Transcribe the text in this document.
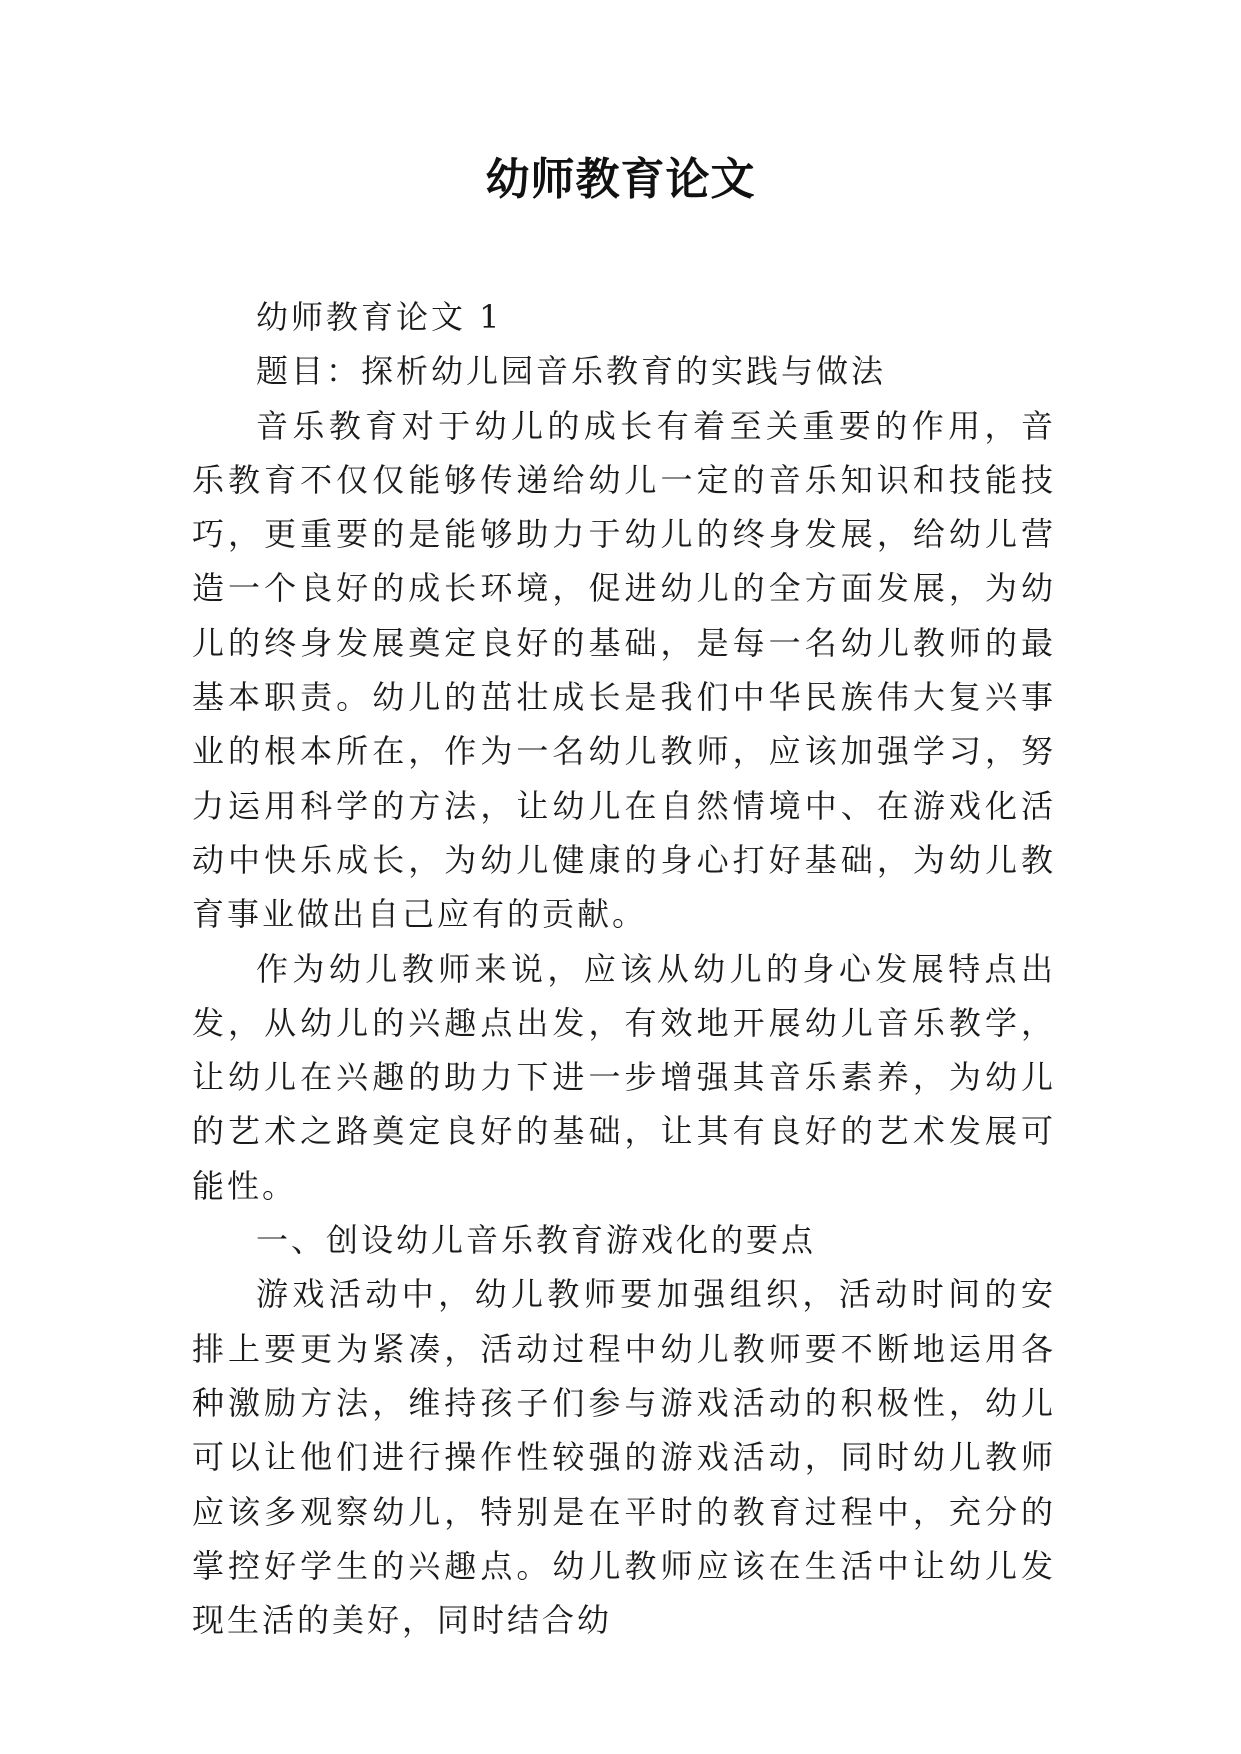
幼师教育论文

幼师教育论文 1

题目：探析幼儿园音乐教育的实践与做法

音乐教育对于幼儿的成长有着至关重要的作用，音乐教育不仅仅能够传递给幼儿一定的音乐知识和技能技巧，更重要的是能够助力于幼儿的终身发展，给幼儿营造一个良好的成长环境，促进幼儿的全方面发展，为幼儿的终身发展奠定良好的基础，是每一名幼儿教师的最基本职责。幼儿的茁壮成长是我们中华民族伟大复兴事业的根本所在，作为一名幼儿教师，应该加强学习，努力运用科学的方法，让幼儿在自然情境中、在游戏化活动中快乐成长，为幼儿健康的身心打好基础，为幼儿教育事业做出自己应有的贡献。

作为幼儿教师来说，应该从幼儿的身心发展特点出发，从幼儿的兴趣点出发，有效地开展幼儿音乐教学，让幼儿在兴趣的助力下进一步增强其音乐素养，为幼儿的艺术之路奠定良好的基础，让其有良好的艺术发展可能性。

一、创设幼儿音乐教育游戏化的要点

游戏活动中，幼儿教师要加强组织，活动时间的安排上要更为紧凑，活动过程中幼儿教师要不断地运用各种激励方法，维持孩子们参与游戏活动的积极性，幼儿可以让他们进行操作性较强的游戏活动，同时幼儿教师应该多观察幼儿，特别是在平时的教育过程中，充分的掌控好学生的兴趣点。幼儿教师应该在生活中让幼儿发现生活的美好，同时结合幼
